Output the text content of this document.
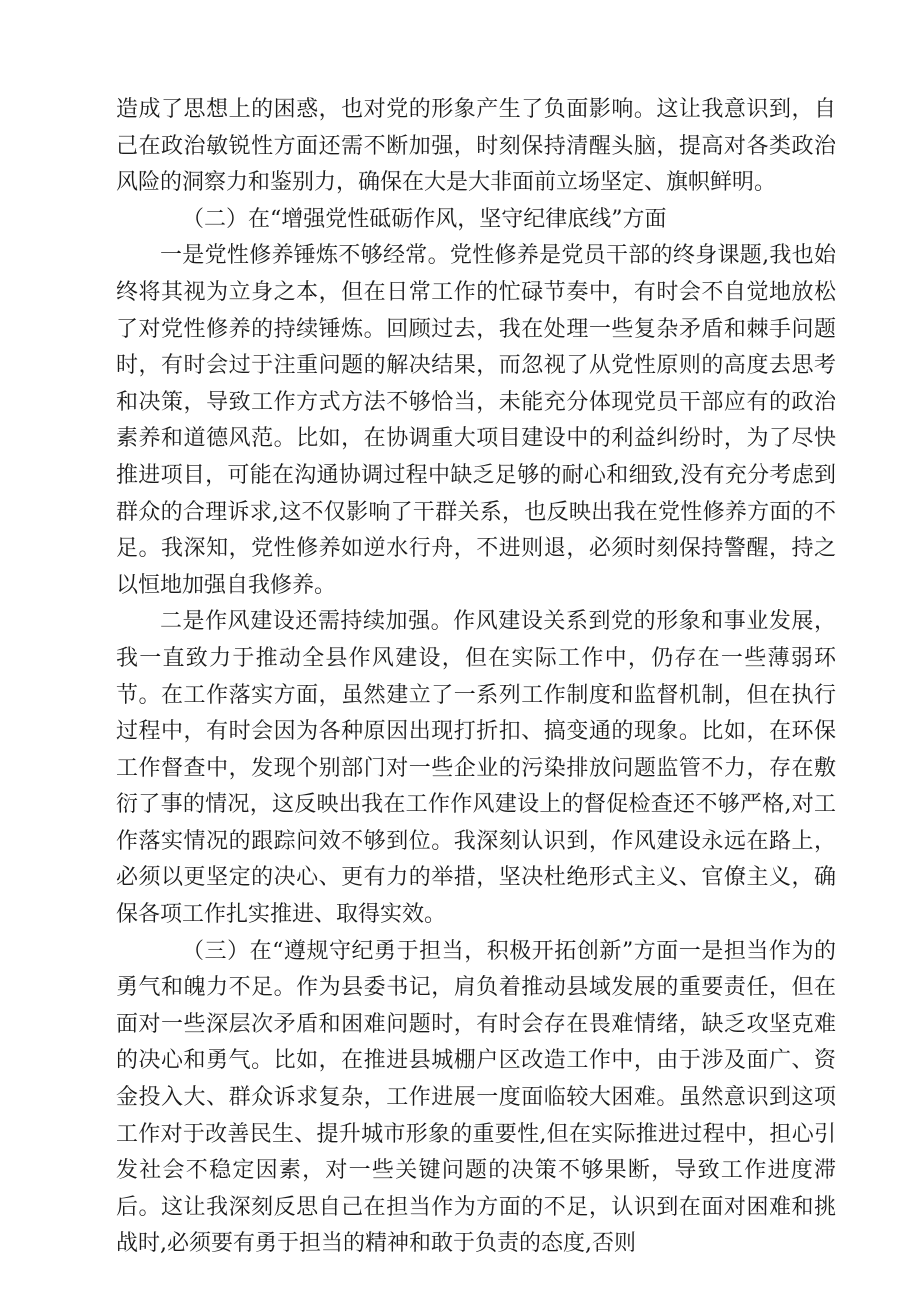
造成了思想上的困惑，也对党的形象产生了负面影响。这让我意识到，自己在政治敏锐性方面还需不断加强，时刻保持清醒头脑，提高对各类政治风险的洞察力和鉴别力，确保在大是大非面前立场坚定、旗帜鲜明。

（二）在“增强党性砥砺作风，坚守纪律底线”方面

一是党性修养锤炼不够经常。党性修养是党员干部的终身课题,我也始终将其视为立身之本，但在日常工作的忙碌节奏中，有时会不自觉地放松了对党性修养的持续锤炼。回顾过去，我在处理一些复杂矛盾和棘手问题时，有时会过于注重问题的解决结果，而忽视了从党性原则的高度去思考和决策，导致工作方式方法不够恰当，未能充分体现党员干部应有的政治素养和道德风范。比如，在协调重大项目建设中的利益纠纷时，为了尽快推进项目，可能在沟通协调过程中缺乏足够的耐心和细致,没有充分考虑到群众的合理诉求,这不仅影响了干群关系，也反映出我在党性修养方面的不足。我深知，党性修养如逆水行舟，不进则退，必须时刻保持警醒，持之以恒地加强自我修养。

二是作风建设还需持续加强。作风建设关系到党的形象和事业发展，我一直致力于推动全县作风建设，但在实际工作中，仍存在一些薄弱环节。在工作落实方面，虽然建立了一系列工作制度和监督机制，但在执行过程中，有时会因为各种原因出现打折扣、搞变通的现象。比如，在环保工作督查中，发现个别部门对一些企业的污染排放问题监管不力，存在敷衍了事的情况，这反映出我在工作作风建设上的督促检查还不够严格,对工作落实情况的跟踪问效不够到位。我深刻认识到，作风建设永远在路上，必须以更坚定的决心、更有力的举措，坚决杜绝形式主义、官僚主义，确保各项工作扎实推进、取得实效。

（三）在“遵规守纪勇于担当，积极开拓创新”方面一是担当作为的勇气和魄力不足。作为县委书记，肩负着推动县域发展的重要责任，但在面对一些深层次矛盾和困难问题时，有时会存在畏难情绪，缺乏攻坚克难的决心和勇气。比如，在推进县城棚户区改造工作中，由于涉及面广、资金投入大、群众诉求复杂，工作进展一度面临较大困难。虽然意识到这项工作对于改善民生、提升城市形象的重要性,但在实际推进过程中，担心引发社会不稳定因素，对一些关键问题的决策不够果断，导致工作进度滞后。这让我深刻反思自己在担当作为方面的不足，认识到在面对困难和挑战时,必须要有勇于担当的精神和敢于负责的态度,否则
